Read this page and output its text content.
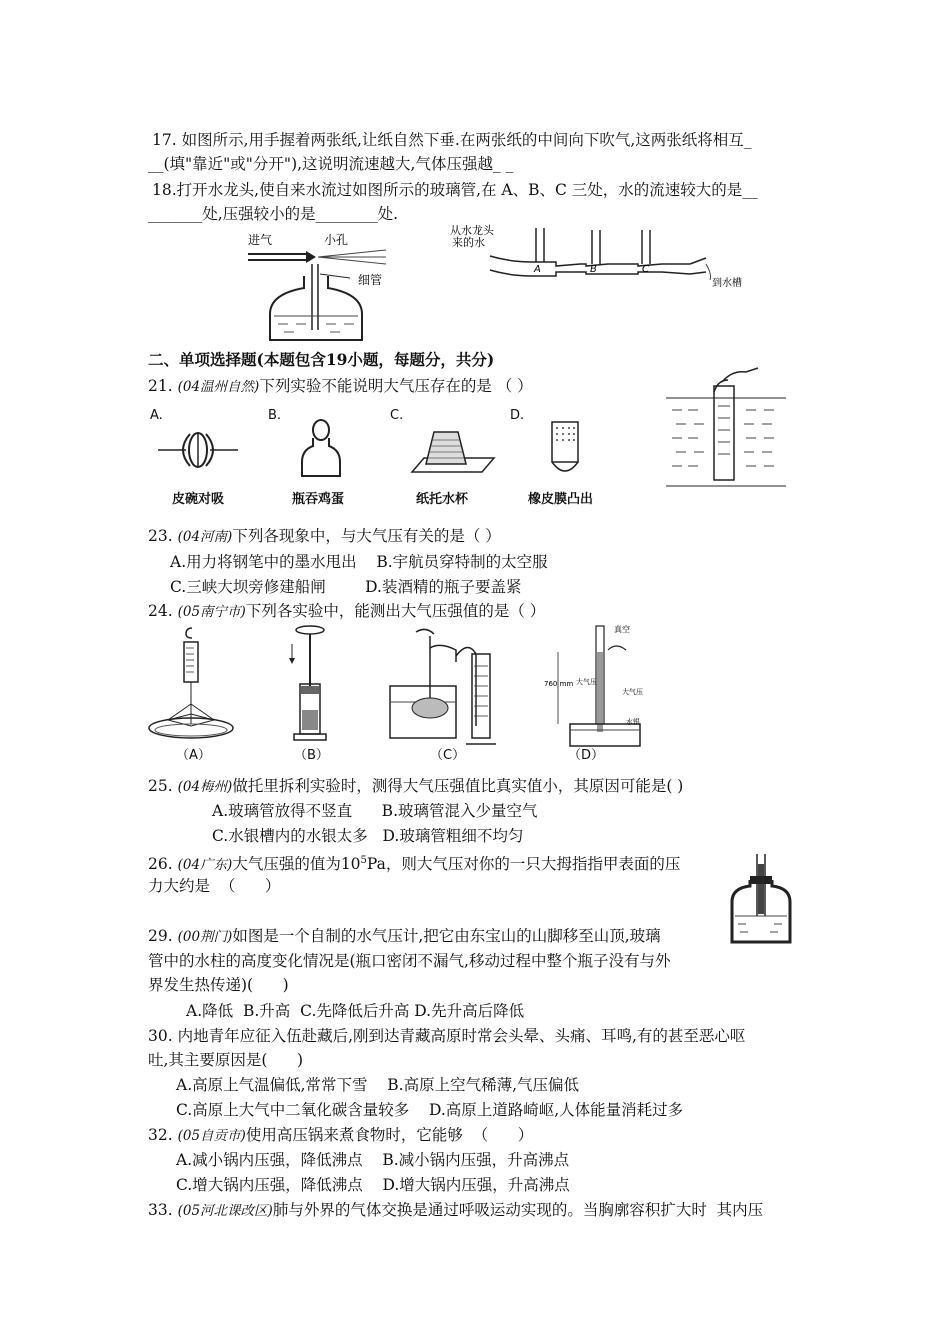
17. 如图所示,用手握着两张纸,让纸自然下垂.在两张纸的中间向下吹气,这两张纸将相互_
__(填"靠近"或"分开"),这说明流速越大,气体压强越_ _
18.打开水龙头,使自来水流过如图所示的玻璃管,在 A、B、C 三处，水的流速较大的是__
_______处,压强较小的是________处.
进气	小孔
细管
从水龙头
来的水
A	B	C
到水槽
二、单项选择题(本题包含19小题，每题分，共分)
21. (04温州自然)下列实验不能说明大气压存在的是 （ ）
A.	B.	C.	D.
皮碗对吸	瓶吞鸡蛋	纸托水杯	橡皮膜凸出
23. (04河南)下列各现象中，与大气压有关的是（ ）
A.用力将钢笔中的墨水甩出    B.宇航员穿特制的太空服
C.三峡大坝旁修建船闸        D.装酒精的瓶子要盖紧
24. (05南宁市)下列各实验中，能测出大气压强值的是（ ）
真空
760 mm 大气压
大气压
水银
（A）	（B）	（C）	（D）
25. (04梅州)做托里拆利实验时，测得大气压强值比真实值小，其原因可能是( )
A.玻璃管放得不竖直      B.玻璃管混入少量空气
C.水银槽内的水银太多   D.玻璃管粗细不均匀
26. (04广东)大气压强的值为$10^5Pa$，则大气压对你的一只大拇指指甲表面的压
力大约是  （      ）
29. (00荆门)如图是一个自制的水气压计,把它由东宝山的山脚移至山顶,玻璃
管中的水柱的高度变化情况是(瓶口密闭不漏气,移动过程中整个瓶子没有与外
界发生热传递)(      )
A.降低  B.升高  C.先降低后升高 D.先升高后降低
30. 内地青年应征入伍赴藏后,刚到达青藏高原时常会头晕、头痛、耳鸣,有的甚至恶心呕
吐,其主要原因是(      )
A.高原上气温偏低,常常下雪    B.高原上空气稀薄,气压偏低
C.高原上大气中二氧化碳含量较多    D.高原上道路崎岖,人体能量消耗过多
32. (05自贡市)使用高压锅来煮食物时，它能够  （      ）
A.减小锅内压强，降低沸点    B.减小锅内压强，升高沸点
C.增大锅内压强，降低沸点    D.增大锅内压强，升高沸点
33. (05河北课改区)肺与外界的气体交换是通过呼吸运动实现的。当胸廓容积扩大时  其内压
